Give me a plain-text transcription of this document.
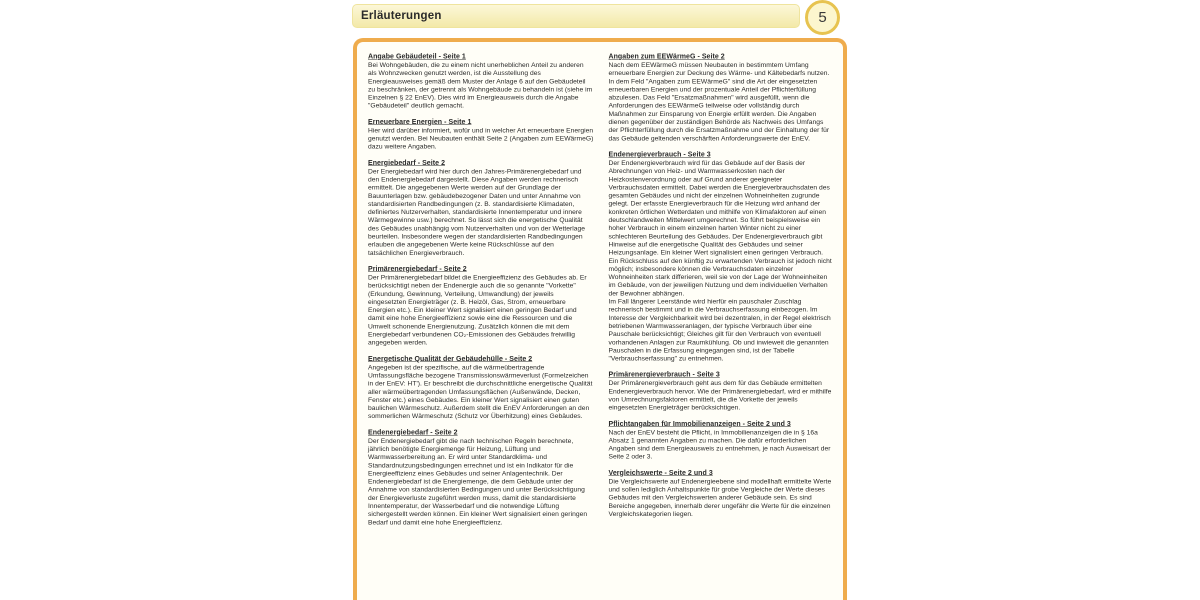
Erläuterungen	5
Angabe Gebäudeteil - Seite 1

Bei Wohngebäuden, die zu einem nicht unerheblichen Anteil zu anderen als Wohnzwecken genutzt werden, ist die Ausstellung des Energieausweises gemäß dem Muster der Anlage 6 auf den Gebäudeteil zu beschränken, der getrennt als Wohngebäude zu behandeln ist (siehe im Einzelnen § 22 EnEV). Dies wird im Energieausweis durch die Angabe "Gebäudeteil" deutlich gemacht.

Erneuerbare Energien - Seite 1

Hier wird darüber informiert, wofür und in welcher Art erneuerbare Energien genutzt werden. Bei Neubauten enthält Seite 2 (Angaben zum EEWärmeG) dazu weitere Angaben.

Energiebedarf - Seite 2

Der Energiebedarf wird hier durch den Jahres-Primärenergiebedarf und den Endenergiebedarf dargestellt. Diese Angaben werden rechnerisch ermittelt. Die angegebenen Werte werden auf der Grundlage der Bauunterlagen bzw. gebäudebezogener Daten und unter Annahme von standardisierten Randbedingungen (z. B. standardisierte Klimadaten, definiertes Nutzerverhalten, standardisierte Innentemperatur und innere Wärmegewinne usw.) berechnet. So lässt sich die energetische Qualität des Gebäudes unabhängig vom Nutzerverhalten und von der Wetterlage beurteilen. Insbesondere wegen der standardisierten Randbedingungen erlauben die angegebenen Werte keine Rückschlüsse auf den tatsächlichen Energieverbrauch.

Primärenergiebedarf - Seite 2

Der Primärenergiebedarf bildet die Energieeffizienz des Gebäudes ab. Er berücksichtigt neben der Endenergie auch die so genannte "Vorkette" (Erkundung, Gewinnung, Verteilung, Umwandlung) der jeweils eingesetzten Energieträger (z. B. Heizöl, Gas, Strom, erneuerbare Energien etc.). Ein kleiner Wert signalisiert einen geringen Bedarf und damit eine hohe Energieeffizienz sowie eine die Ressourcen und die Umwelt schonende Energienutzung. Zusätzlich können die mit dem Energiebedarf verbundenen CO₂-Emissionen des Gebäudes freiwillig angegeben werden.

Energetische Qualität der Gebäudehülle - Seite 2

Angegeben ist der spezifische, auf die wärmeübertragende Umfassungsfläche bezogene Transmissionswärmeverlust (Formelzeichen in der EnEV: HT'). Er beschreibt die durchschnittliche energetische Qualität aller wärmeübertragenden Umfassungsflächen (Außenwände, Decken, Fenster etc.) eines Gebäudes. Ein kleiner Wert signalisiert einen guten baulichen Wärmeschutz. Außerdem stellt die EnEV Anforderungen an den sommerlichen Wärmeschutz (Schutz vor Überhitzung) eines Gebäudes.

Endenergiebedarf - Seite 2

Der Endenergiebedarf gibt die nach technischen Regeln berechnete, jährlich benötigte Energiemenge für Heizung, Lüftung und Warmwasserbereitung an. Er wird unter Standardklima- und Standardnutzungsbedingungen errechnet und ist ein Indikator für die Energieeffizienz eines Gebäudes und seiner Anlagentechnik. Der Endenergiebedarf ist die Energiemenge, die dem Gebäude unter der Annahme von standardisierten Bedingungen und unter Berücksichtigung der Energieverluste zugeführt werden muss, damit die standardisierte Innentemperatur, der Wasserbedarf und die notwendige Lüftung sichergestellt werden können. Ein kleiner Wert signalisiert einen geringen Bedarf und damit eine hohe Energieeffizienz.

Angaben zum EEWärmeG - Seite 2

Nach dem EEWärmeG müssen Neubauten in bestimmtem Umfang erneuerbare Energien zur Deckung des Wärme- und Kältebedarfs nutzen. In dem Feld "Angaben zum EEWärmeG" sind die Art der eingesetzten erneuerbaren Energien und der prozentuale Anteil der Pflichterfüllung abzulesen. Das Feld "Ersatzmaßnahmen" wird ausgefüllt, wenn die Anforderungen des EEWärmeG teilweise oder vollständig durch Maßnahmen zur Einsparung von Energie erfüllt werden. Die Angaben dienen gegenüber der zuständigen Behörde als Nachweis des Umfangs der Pflichterfüllung durch die Ersatzmaßnahme und der Einhaltung der für das Gebäude geltenden verschärften Anforderungswerte der EnEV.

Endenergieverbrauch - Seite 3

Der Endenergieverbrauch wird für das Gebäude auf der Basis der Abrechnungen von Heiz- und Warmwasserkosten nach der Heizkostenverordnung oder auf Grund anderer geeigneter Verbrauchsdaten ermittelt. Dabei werden die Energieverbrauchsdaten des gesamten Gebäudes und nicht der einzelnen Wohneinheiten zugrunde gelegt. Der erfasste Energieverbrauch für die Heizung wird anhand der konkreten örtlichen Wetterdaten und mithilfe von Klimafaktoren auf einen deutschlandweiten Mittelwert umgerechnet. So führt beispielsweise ein hoher Verbrauch in einem einzelnen harten Winter nicht zu einer schlechteren Beurteilung des Gebäudes. Der Endenergieverbrauch gibt Hinweise auf die energetische Qualität des Gebäudes und seiner Heizungsanlage. Ein kleiner Wert signalisiert einen geringen Verbrauch. Ein Rückschluss auf den künftig zu erwartenden Verbrauch ist jedoch nicht möglich; insbesondere können die Verbrauchsdaten einzelner Wohneinheiten stark differieren, weil sie von der Lage der Wohneinheiten im Gebäude, von der jeweiligen Nutzung und dem individuellen Verhalten der Bewohner abhängen.

Im Fall längerer Leerstände wird hierfür ein pauschaler Zuschlag rechnerisch bestimmt und in die Verbrauchserfassung einbezogen. Im Interesse der Vergleichbarkeit wird bei dezentralen, in der Regel elektrisch betriebenen Warmwasseranlagen, der typische Verbrauch über eine Pauschale berücksichtigt; Gleiches gilt für den Verbrauch von eventuell vorhandenen Anlagen zur Raumkühlung. Ob und inwieweit die genannten Pauschalen in die Erfassung eingegangen sind, ist der Tabelle "Verbrauchserfassung" zu entnehmen.

Primärenergieverbrauch - Seite 3

Der Primärenergieverbrauch geht aus dem für das Gebäude ermittelten Endenergieverbrauch hervor. Wie der Primärenergiebedarf, wird er mithilfe von Umrechnungsfaktoren ermittelt, die die Vorkette der jeweils eingesetzten Energieträger berücksichtigen.

Pflichtangaben für Immobilienanzeigen - Seite 2 und 3

Nach der EnEV besteht die Pflicht, in Immobilienanzeigen die in § 16a Absatz 1 genannten Angaben zu machen. Die dafür erforderlichen Angaben sind dem Energieausweis zu entnehmen, je nach Ausweisart der Seite 2 oder 3.

Vergleichswerte - Seite 2 und 3

Die Vergleichswerte auf Endenergieebene sind modellhaft ermittelte Werte und sollen lediglich Anhaltspunkte für grobe Vergleiche der Werte dieses Gebäudes mit den Vergleichswerten anderer Gebäude sein. Es sind Bereiche angegeben, innerhalb derer ungefähr die Werte für die einzelnen Vergleichskategorien liegen.
